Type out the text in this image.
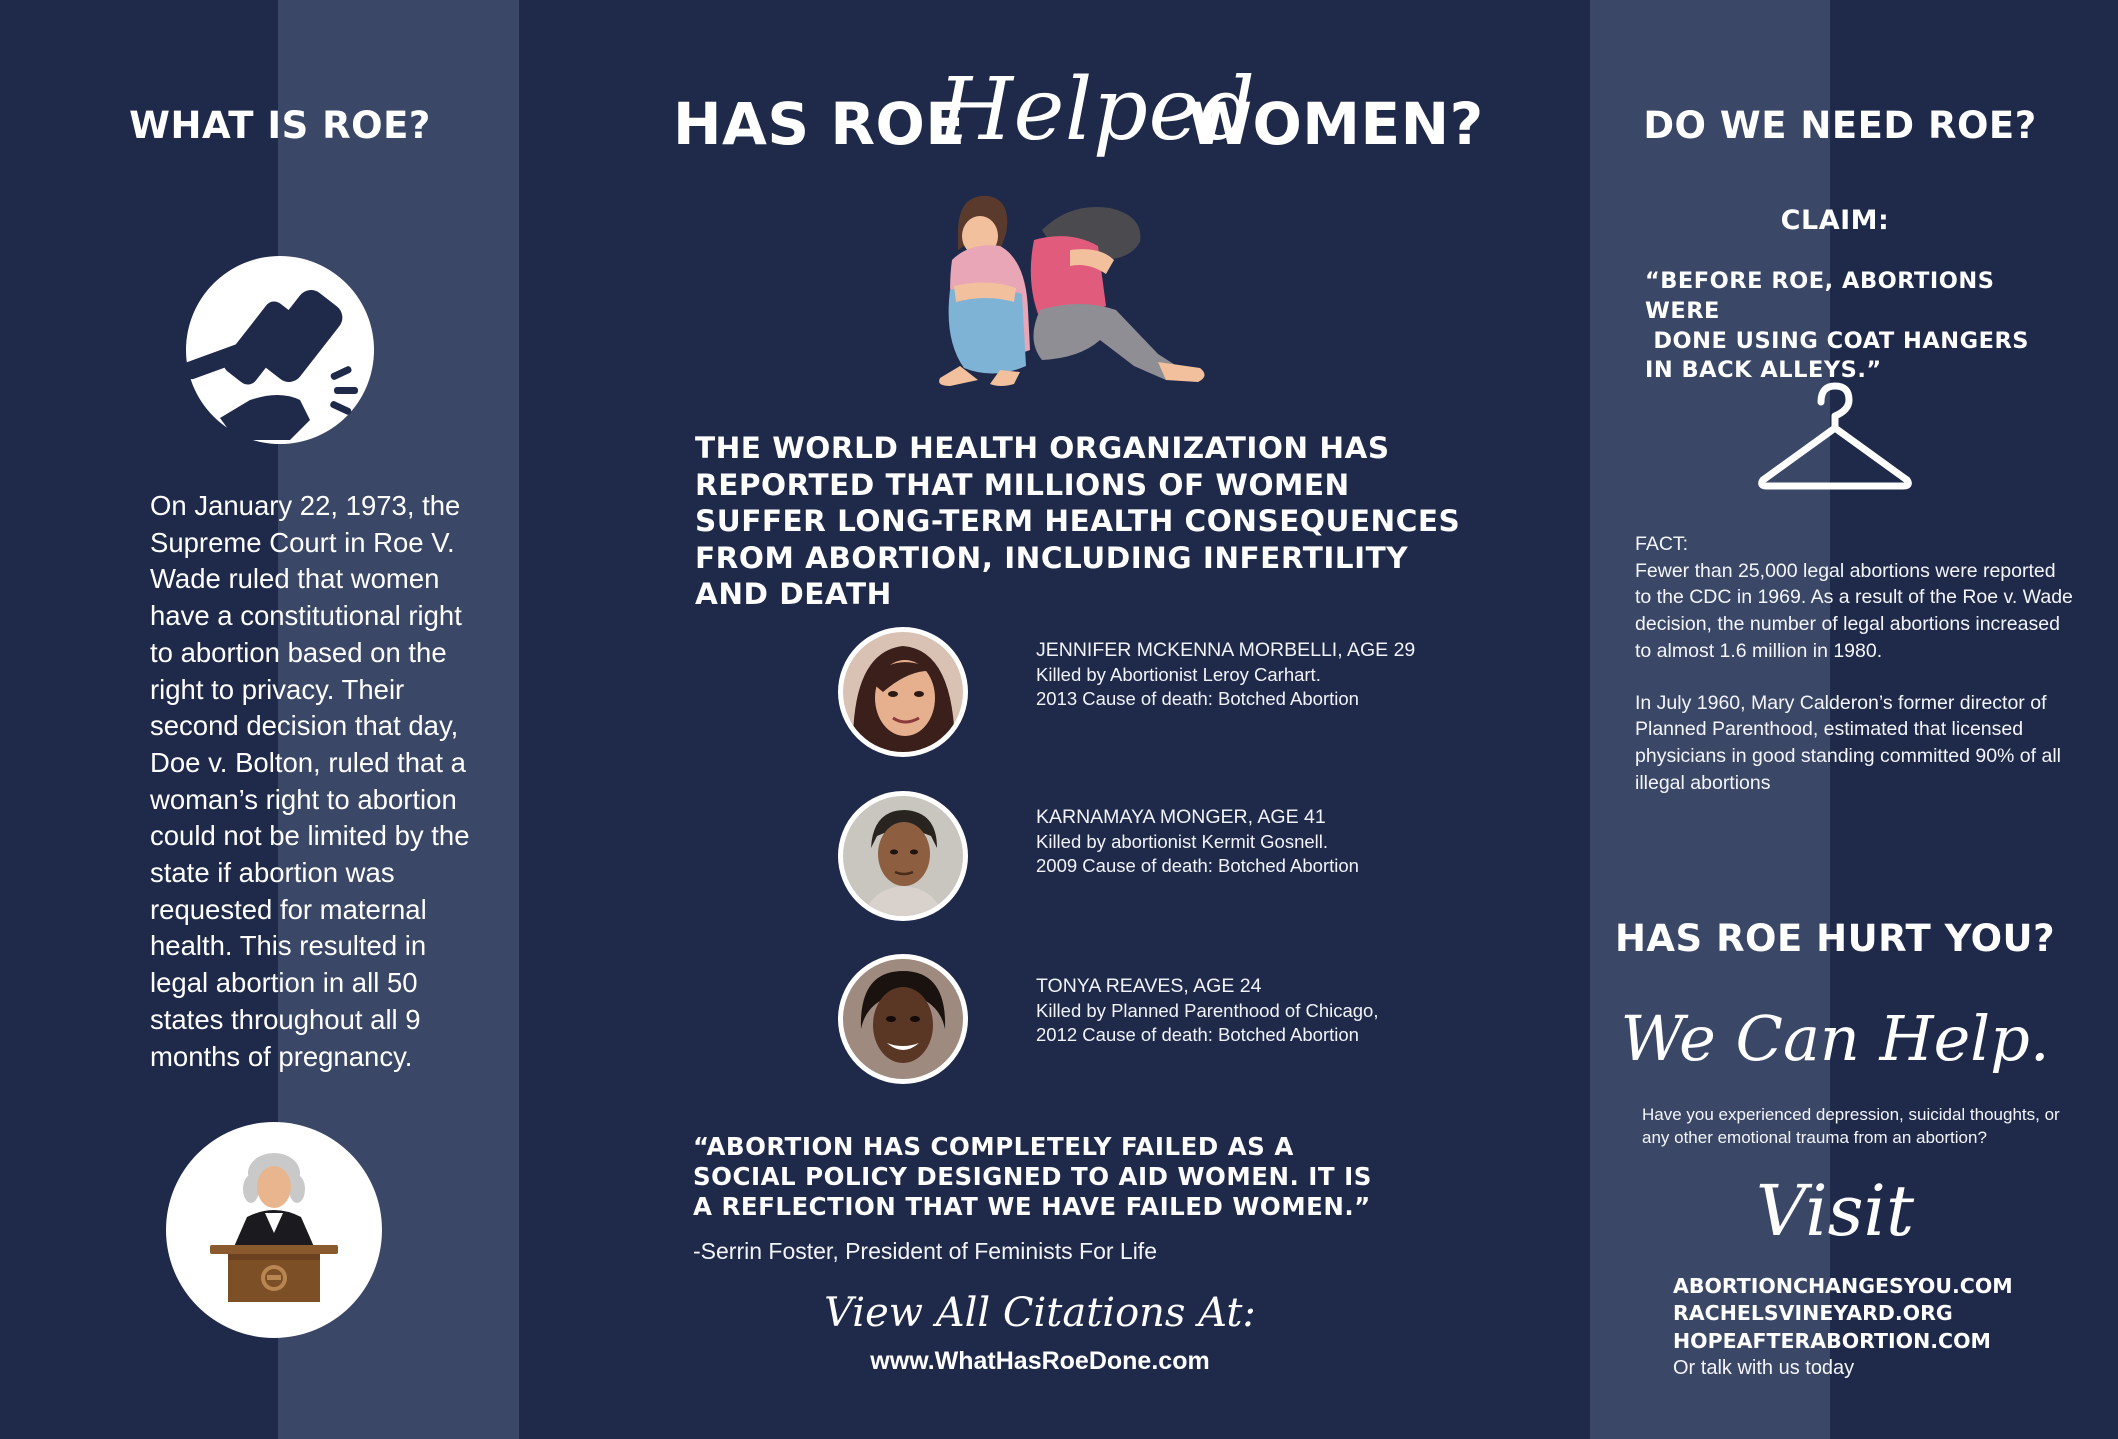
WHAT IS ROE?
On January 22, 1973, the Supreme Court in Roe V. Wade ruled that women have a constitutional right to abortion based on the right to privacy. Their second decision that day, Doe v. Bolton, ruled that a woman’s right to abortion could not be limited by the state if abortion was requested for maternal health. This resulted in legal abortion in all 50 states throughout all 9 months of pregnancy.
HAS ROE
Helped
WOMEN?
THE WORLD HEALTH ORGANIZATION HAS REPORTED THAT MILLIONS OF WOMEN SUFFER LONG-TERM HEALTH CONSEQUENCES FROM ABORTION, INCLUDING INFERTILITY AND DEATH
JENNIFER MCKENNA MORBELLI, AGE 29
Killed by Abortionist Leroy Carhart.
2013 Cause of death: Botched Abortion
KARNAMAYA MONGER, AGE 41
Killed by abortionist Kermit Gosnell.
2009 Cause of death: Botched Abortion
TONYA REAVES, AGE 24
Killed by Planned Parenthood of Chicago,
2012 Cause of death: Botched Abortion
“ABORTION HAS COMPLETELY FAILED AS A SOCIAL POLICY DESIGNED TO AID WOMEN. IT IS A REFLECTION THAT WE HAVE FAILED WOMEN.”
-Serrin Foster, President of Feminists For Life
View All Citations At:
www.WhatHasRoeDone.com
DO WE NEED ROE?
CLAIM:
“BEFORE ROE, ABORTIONS WERE
DONE USING COAT HANGERS
IN BACK ALLEYS.”
FACT:

Fewer than 25,000 legal abortions were reported to the CDC in 1969. As a result of the Roe v. Wade decision, the number of legal abortions increased to almost 1.6 million in 1980.

In July 1960, Mary Calderon’s former director of Planned Parenthood, estimated that licensed physicians in good standing committed 90% of all illegal abortions

HAS ROE HURT YOU?
We Can Help.
Have you experienced depression, suicidal thoughts, or any other emotional trauma from an abortion?
Visit
ABORTIONCHANGESYOU.COM
RACHELSVINEYARD.ORG
HOPEAFTERABORTION.COM
Or talk with us today
